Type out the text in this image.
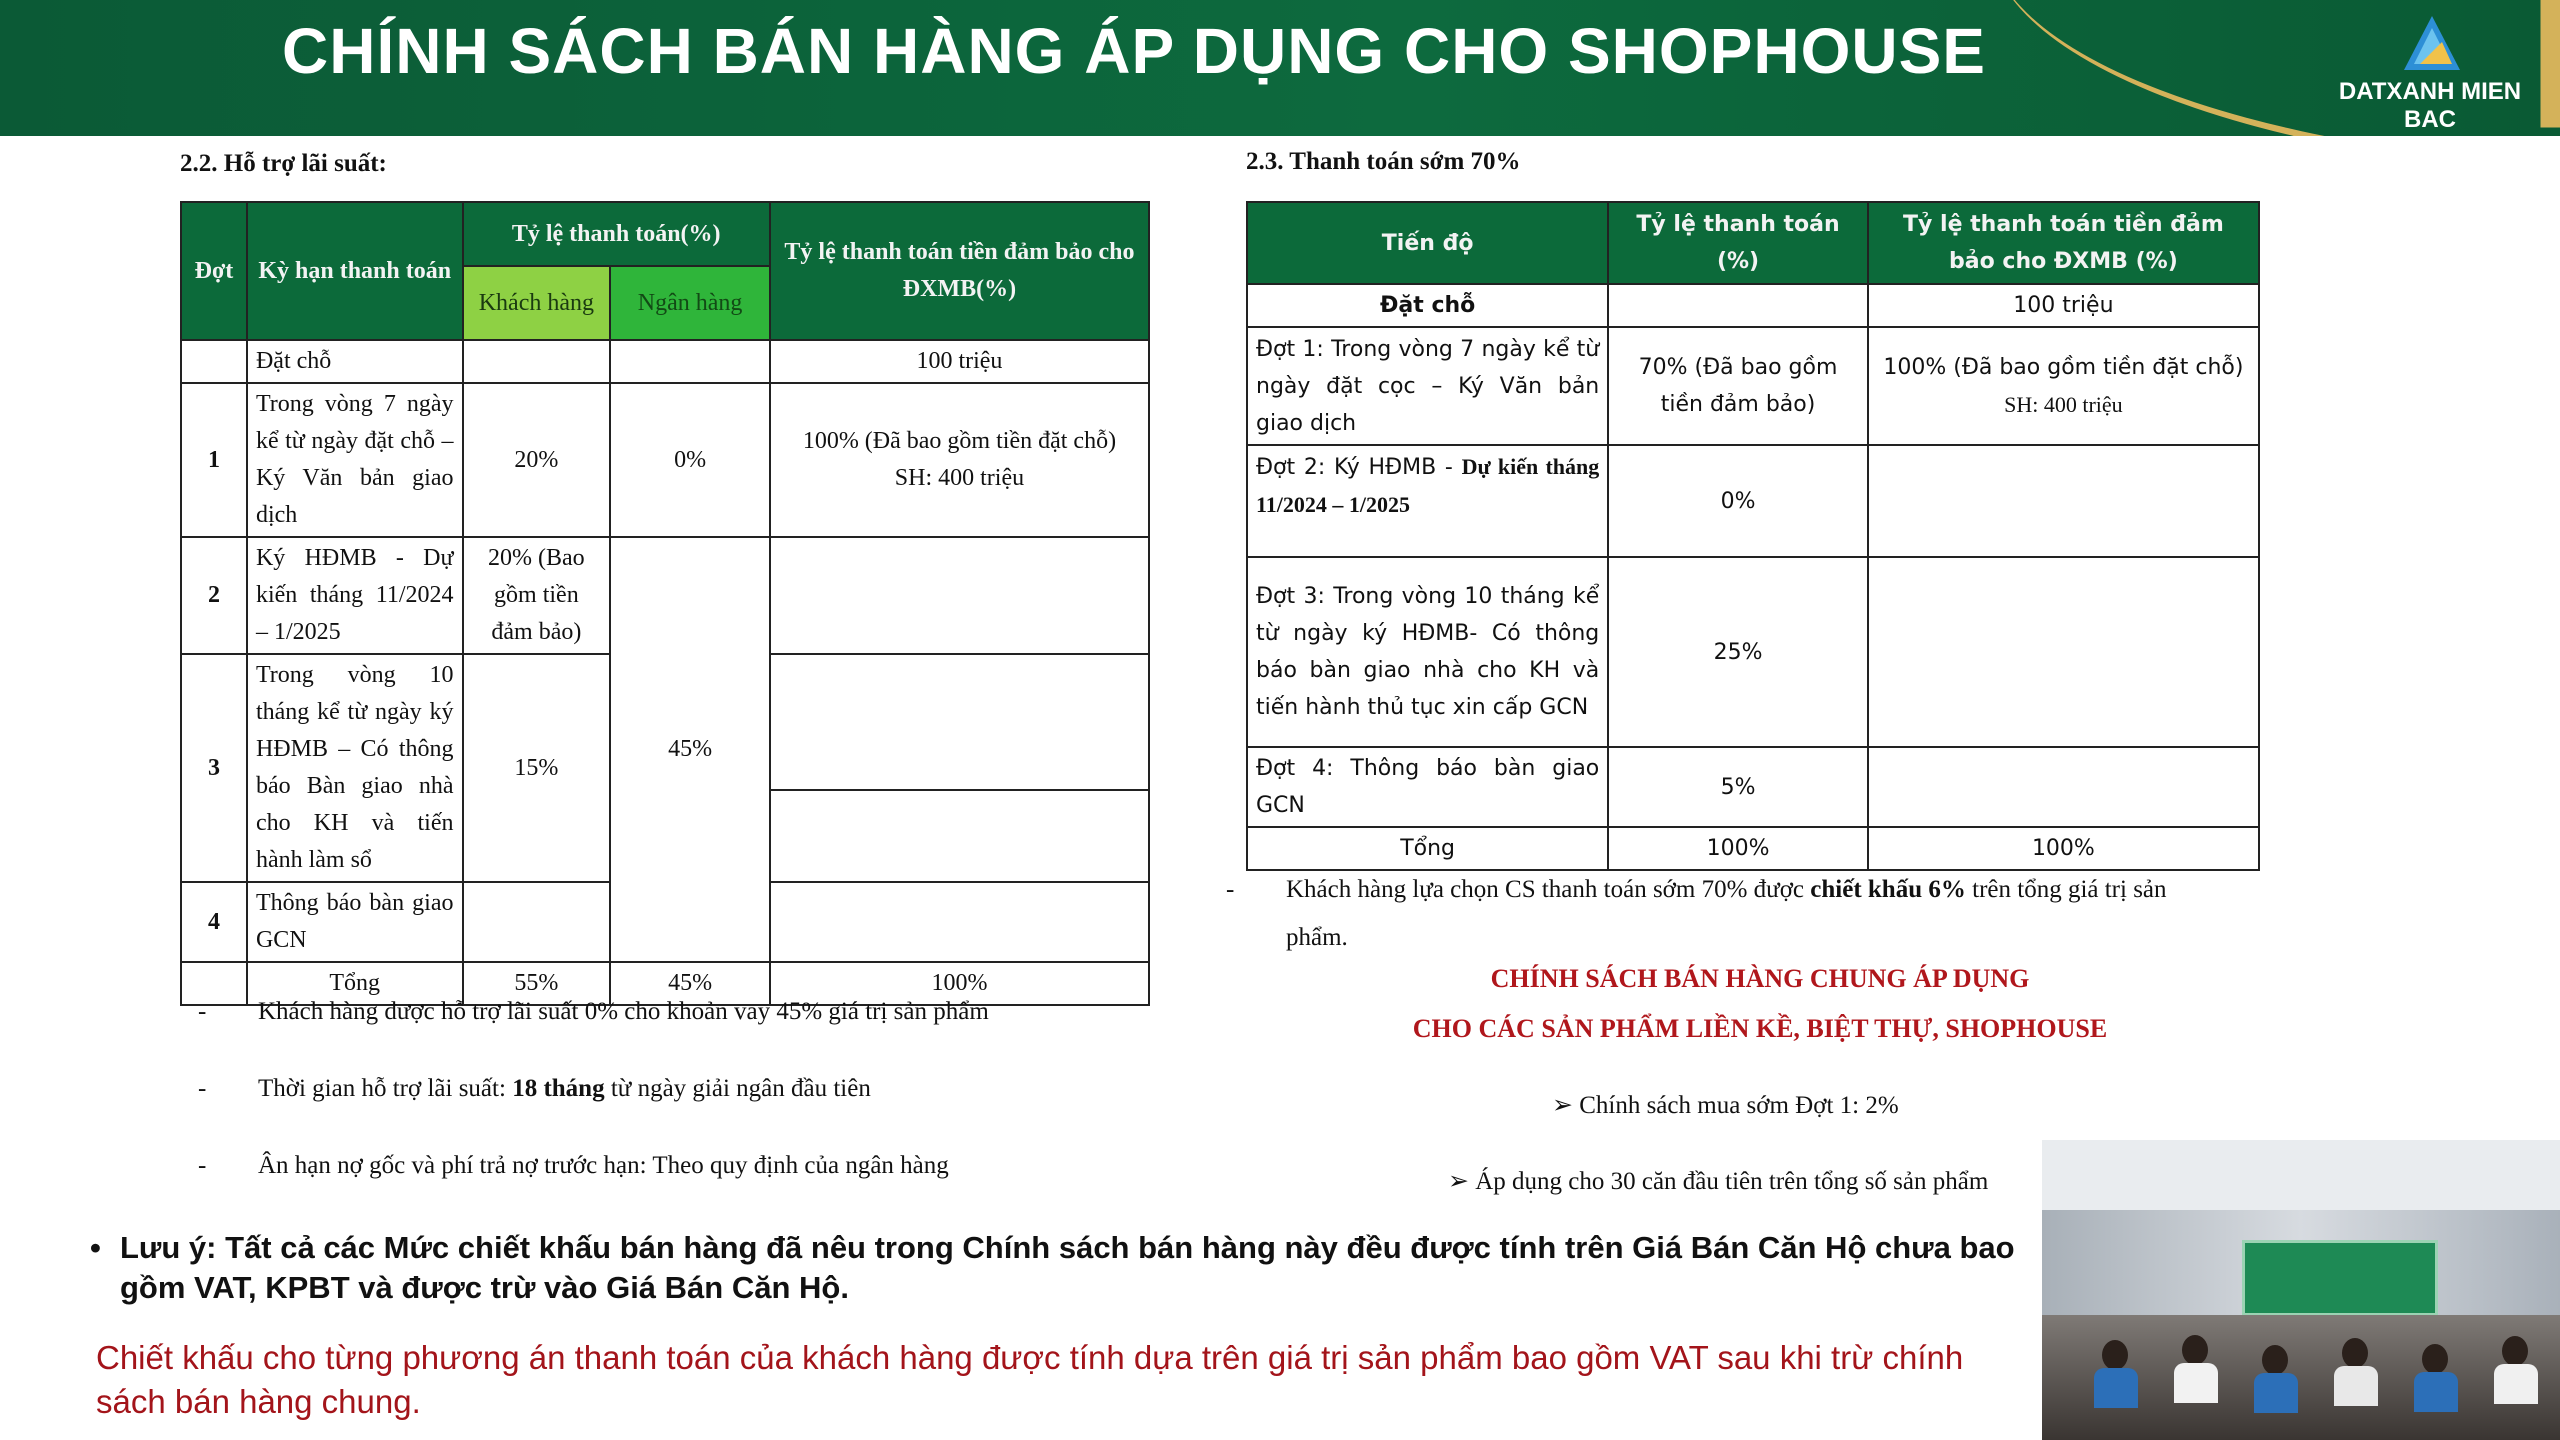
CHÍNH SÁCH BÁN HÀNG ÁP DỤNG CHO SHOPHOUSE
DATXANH MIEN BAC
2.2. Hỗ trợ lãi suất:
Đợt	Kỳ hạn thanh toán	Tỷ lệ thanh toán(%)		Tỷ lệ thanh toán tiền đảm bảo cho ĐXMB(%)
		Khách hàng	Ngân hàng	
	Đặt chỗ			100 triệu
1	Trong vòng 7 ngày kể từ ngày đặt chỗ – Ký Văn bản giao dịch	20%	0%	100% (Đã bao gồm tiền đặt chỗ)
SH: 400 triệu

2	Ký HĐMB - Dự kiến tháng 11/2024 – 1/2025	20% (Bao gồm tiền đảm bảo)	45%	
3	Trong vòng 10 tháng kể từ ngày ký HĐMB – Có thông báo Bàn giao nhà cho KH và tiến hành làm sổ	15%		

4	Thông báo bàn giao GCN			
	Tổng	55%	45%	100%
- Khách hàng được hỗ trợ lãi suất 0% cho khoản vay 45% giá trị sản phẩm
- Thời gian hỗ trợ lãi suất: 18 tháng từ ngày giải ngân đầu tiên
- Ân hạn nợ gốc và phí trả nợ trước hạn: Theo quy định của ngân hàng
2.3. Thanh toán sớm 70%
Tiến độ	Tỷ lệ thanh toán (%)	Tỷ lệ thanh toán tiền đảm bảo cho ĐXMB (%)
Đặt chỗ		100 triệu
Đợt 1: Trong vòng 7 ngày kể từ ngày đặt cọc – Ký Văn bản giao dịch	70% (Đã bao gồm tiền đảm bảo)	100% (Đã bao gồm tiền đặt chỗ)
SH: 400 triệu

Đợt 2: Ký HĐMB - Dự kiến tháng 11/2024 – 1/2025	0%	
Đợt 3: Trong vòng 10 tháng kể từ ngày ký HĐMB- Có thông báo bàn giao nhà cho KH và tiến hành thủ tục xin cấp GCN	25%	
Đợt 4: Thông báo bàn giao GCN	5%	
Tổng	100%	100%
- Khách hàng lựa chọn CS thanh toán sớm 70% được chiết khấu 6% trên tổng giá trị sản
phẩm.
CHÍNH SÁCH BÁN HÀNG CHUNG ÁP DỤNG
CHO CÁC SẢN PHẨM LIỀN KỀ, BIỆT THỰ, SHOPHOUSE
➢ Chính sách mua sớm Đợt 1: 2%
➢ Áp dụng cho 30 căn đầu tiên trên tổng số sản phẩm
• Lưu ý: Tất cả các Mức chiết khấu bán hàng đã nêu trong Chính sách bán hàng này đều được tính trên Giá Bán Căn Hộ chưa bao gồm VAT, KPBT và được trừ vào Giá Bán Căn Hộ.
Chiết khấu cho từng phương án thanh toán của khách hàng được tính dựa trên giá trị sản phẩm bao gồm VAT sau khi trừ chính sách bán hàng chung.
